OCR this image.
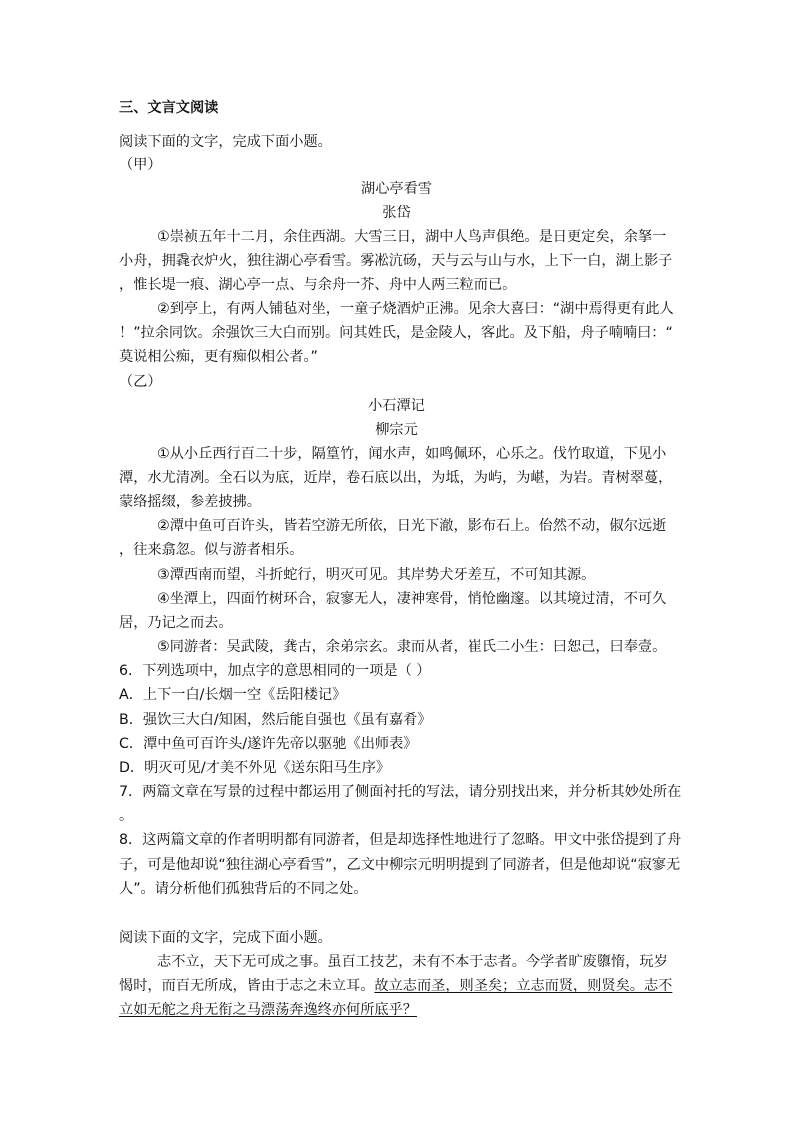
三、文言文阅读
阅读下面的文字，完成下面小题。
（甲）
湖心亭看雪
张岱
①崇祯五年十二月，余住西湖。大雪三日，湖中人鸟声俱绝。是日更定矣，余拏一
小舟，拥毳衣炉火，独往湖心亭看雪。雾凇沆砀，天与云与山与水，上下一白，湖上影子
，惟长堤一痕、湖心亭一点、与余舟一芥、舟中人两三粒而已。
②到亭上，有两人铺毡对坐，一童子烧酒炉正沸。见余大喜曰：“湖中焉得更有此人
！”拉余同饮。余强饮三大白而别。问其姓氏，是金陵人，客此。及下船，舟子喃喃曰：“
莫说相公痴，更有痴似相公者。”
（乙）
小石潭记
柳宗元
①从小丘西行百二十步，隔篁竹，闻水声，如鸣佩环，心乐之。伐竹取道，下见小
潭，水尤清冽。全石以为底，近岸，卷石底以出，为坻，为屿，为嵁，为岩。青树翠蔓，
蒙络摇缀，参差披拂。
②潭中鱼可百许头，皆若空游无所依，日光下澈，影布石上。佁然不动，俶尔远逝
，往来翕忽。似与游者相乐。
③潭西南而望，斗折蛇行，明灭可见。其岸势犬牙差互，不可知其源。
④坐潭上，四面竹树环合，寂寥无人，凄神寒骨，悄怆幽邃。以其境过清，不可久
居，乃记之而去。
⑤同游者：吴武陵，龚古，余弟宗玄。隶而从者，崔氏二小生：曰恕己，曰奉壹。
6．下列选项中，加点字的意思相同的一项是（ ）
A．上下一白/长烟一空《岳阳楼记》
B．强饮三大白/知困，然后能自强也《虽有嘉肴》
C．潭中鱼可百许头/遂许先帝以驱驰《出师表》
D．明灭可见/才美不外见《送东阳马生序》
7．两篇文章在写景的过程中都运用了侧面衬托的写法，请分别找出来，并分析其妙处所在
。
8．这两篇文章的作者明明都有同游者，但是却选择性地进行了忽略。甲文中张岱提到了舟
子，可是他却说“独往湖心亭看雪”，乙文中柳宗元明明提到了同游者，但是他却说“寂寥无
人”。请分析他们孤独背后的不同之处。
阅读下面的文字，完成下面小题。
志不立，天下无可成之事。虽百工技艺，未有不本于志者。今学者旷废隳惰，玩岁
愒时，而百无所成，皆由于志之未立耳。故立志而圣，则圣矣；立志而贤，则贤矣。志不
立如无舵之舟无衔之马漂荡奔逸终亦何所底乎？
